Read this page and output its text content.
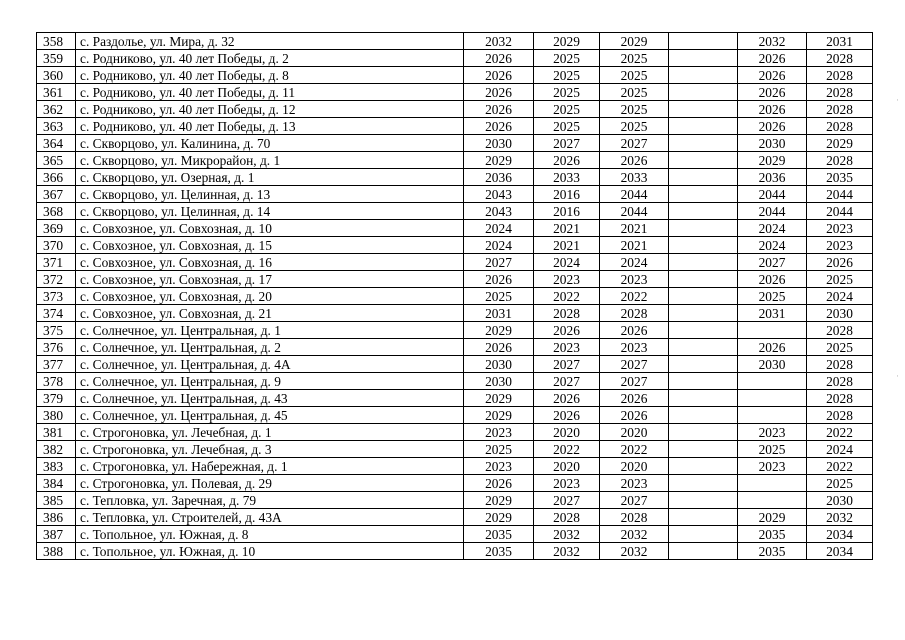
358	с. Раздолье, ул. Мира, д. 32	2032	2029	2029		2032	2031
359	с. Родниково, ул. 40 лет Победы, д. 2	2026	2025	2025		2026	2028
360	с. Родниково, ул. 40 лет Победы, д. 8	2026	2025	2025		2026	2028
361	с. Родниково, ул. 40 лет Победы, д. 11	2026	2025	2025		2026	2028
362	с. Родниково, ул. 40 лет Победы, д. 12	2026	2025	2025		2026	2028
363	с. Родниково, ул. 40 лет Победы, д. 13	2026	2025	2025		2026	2028
364	с. Скворцово, ул. Калинина, д. 70	2030	2027	2027		2030	2029
365	с. Скворцово, ул. Микрорайон, д. 1	2029	2026	2026		2029	2028
366	с. Скворцово, ул. Озерная, д. 1	2036	2033	2033		2036	2035
367	с. Скворцово, ул. Целинная, д. 13	2043	2016	2044		2044	2044
368	с. Скворцово, ул. Целинная, д. 14	2043	2016	2044		2044	2044
369	с. Совхозное, ул. Совхозная, д. 10	2024	2021	2021		2024	2023
370	с. Совхозное, ул. Совхозная, д. 15	2024	2021	2021		2024	2023
371	с. Совхозное, ул. Совхозная, д. 16	2027	2024	2024		2027	2026
372	с. Совхозное, ул. Совхозная, д. 17	2026	2023	2023		2026	2025
373	с. Совхозное, ул. Совхозная, д. 20	2025	2022	2022		2025	2024
374	с. Совхозное, ул. Совхозная, д. 21	2031	2028	2028		2031	2030
375	с. Солнечное, ул. Центральная, д. 1	2029	2026	2026			2028
376	с. Солнечное, ул. Центральная, д. 2	2026	2023	2023		2026	2025
377	с. Солнечное, ул. Центральная, д. 4А	2030	2027	2027		2030	2028
378	с. Солнечное, ул. Центральная, д. 9	2030	2027	2027			2028
379	с. Солнечное, ул. Центральная, д. 43	2029	2026	2026			2028
380	с. Солнечное, ул. Центральная, д. 45	2029	2026	2026			2028
381	с. Строгоновка, ул. Лечебная, д. 1	2023	2020	2020		2023	2022
382	с. Строгоновка, ул. Лечебная, д. 3	2025	2022	2022		2025	2024
383	с. Строгоновка, ул. Набережная, д. 1	2023	2020	2020		2023	2022
384	с. Строгоновка, ул. Полевая, д. 29	2026	2023	2023			2025
385	с. Тепловка, ул. Заречная, д. 79	2029	2027	2027			2030
386	с. Тепловка, ул. Строителей, д. 43А	2029	2028	2028		2029	2032
387	с. Топольное, ул. Южная, д. 8	2035	2032	2032		2035	2034
388	с. Топольное, ул. Южная, д. 10	2035	2032	2032		2035	2034
·
·
